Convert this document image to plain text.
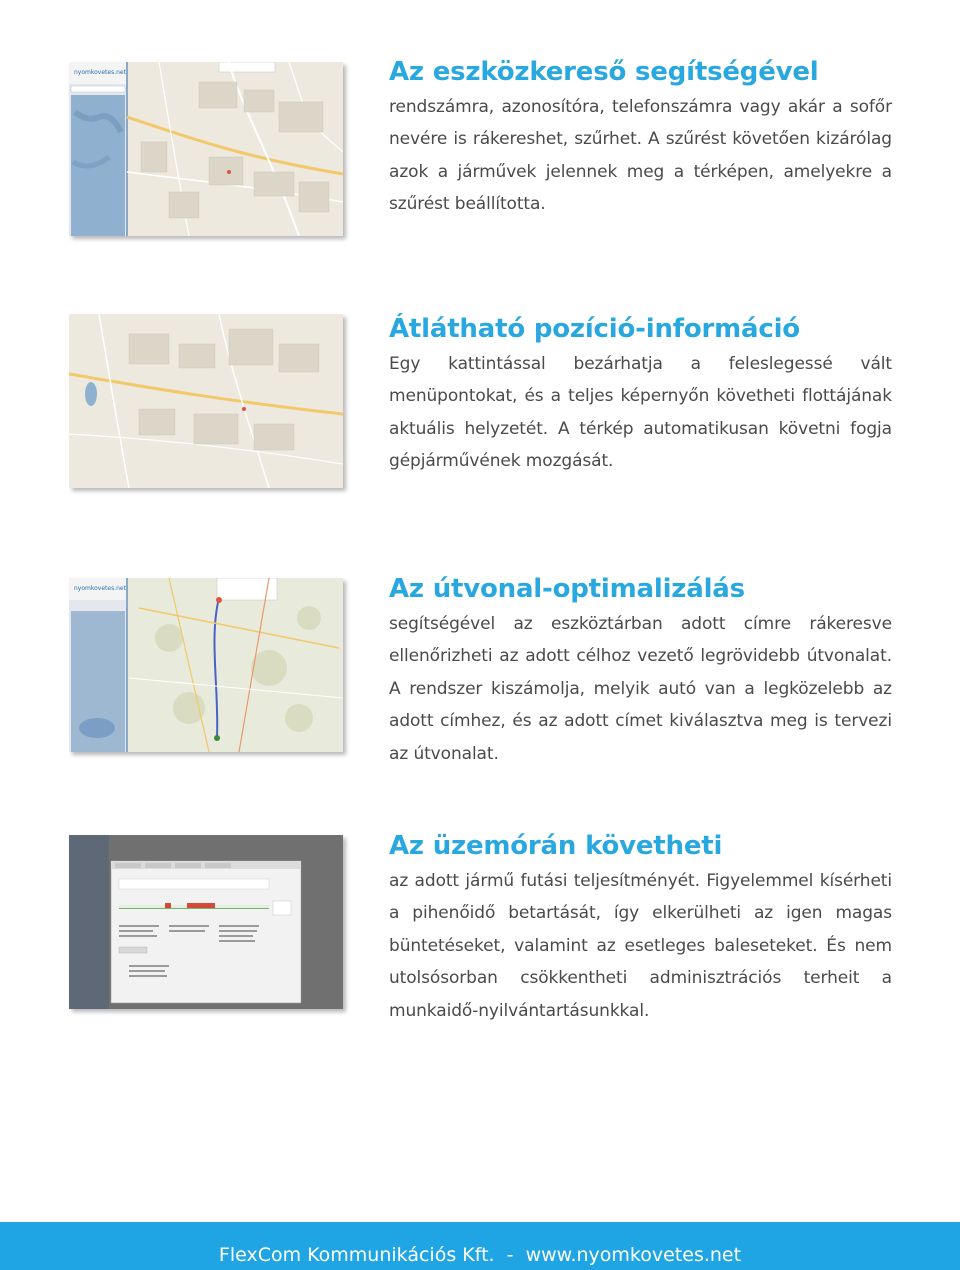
nyomkovetes.net	Az eszközkereső segítségével

rendszámra, azonosítóra, telefonszámra vagy akár a sofőr nevére is rákereshet, szűrhet. A szűrést követően kizárólag azok a járművek jelennek meg a térképen, amelyekre a szűrést beállította.

Átlátható pozíció-információ

Egy kattintással bezárhatja a feleslegessé vált menüpontokat, és a teljes képernyőn követheti flottájának aktuális helyzetét. A térkép automatikusan követni fogja gépjárművének mozgását.

nyomkovetes.net	Az útvonal-optimalizálás

segítségével az eszköztárban adott címre rákeresve ellenőrizheti az adott célhoz vezető legrövidebb útvonalat. A rendszer kiszámolja, melyik autó van a legközelebb az adott címhez, és az adott címet kiválasztva meg is tervezi az útvonalat.

Az üzemórán követheti

az adott jármű futási teljesítményét. Figyelemmel kísérheti a pihenőidő betartását, így elkerülheti az igen magas büntetéseket, valamint az esetleges baleseteket. És nem utolsósorban csökkentheti adminisztrációs terheit a munkaidő-nyilvántartásunkkal.

FlexCom Kommunikációs Kft.  -  www.nyomkovetes.net
